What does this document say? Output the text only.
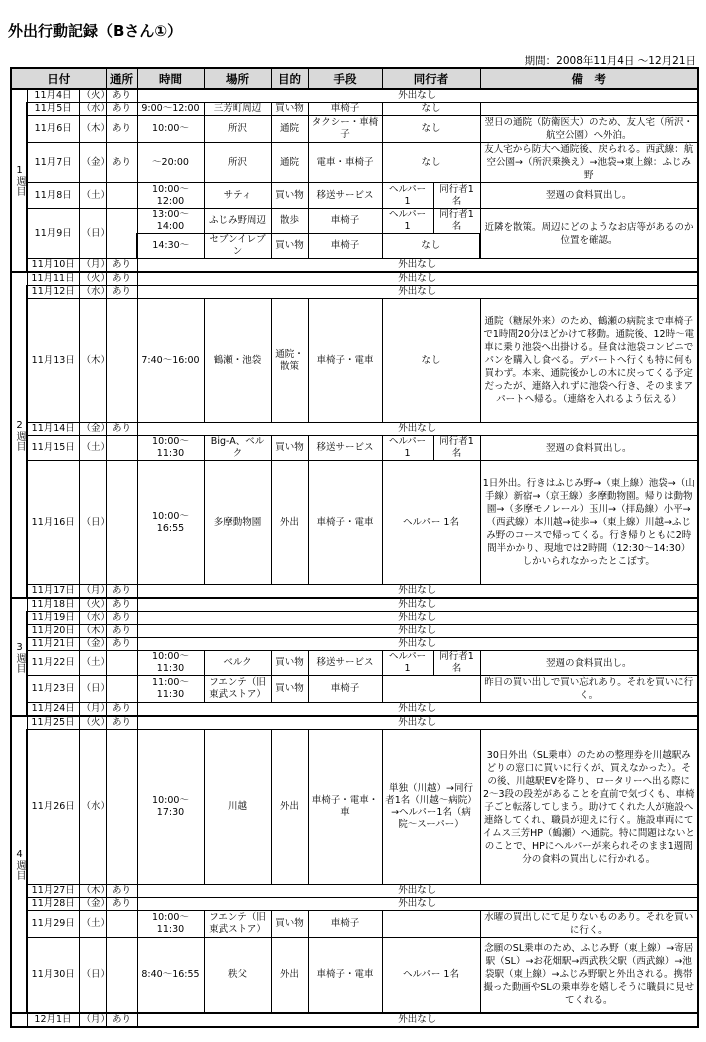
外出行動記録（Bさん①）
期間：2008年11月4日 〜12月21日
日付			通所	時間	場所	目的	手段	同行者		備　考
1週目	11月4日	（火）	あり	外出なし						
	11月5日	（水）	あり	9:00〜12:00	三芳町周辺	買い物	車椅子	なし		
	11月6日	（木）	あり	10:00〜	所沢	通院	タクシー・車椅子	なし		翌日の通院（防衛医大）のため、友人宅（所沢・航空公園）へ外泊。
	11月7日	（金）	あり	〜20:00	所沢	通院	電車・車椅子	なし		友人宅から防大へ通院後、戻られる。西武線：航空公園→（所沢乗換え）→池袋→東上線：ふじみ野
	11月8日	（土）		10:00〜12:00	サティ	買い物	移送サービス	ヘルパー 1	同行者1名	翌週の食料買出し。
	11月9日	（日）		13:00〜14:00	ふじみ野周辺	散歩	車椅子	ヘルパー 1	同行者1名	近隣を散策。周辺にどのようなお店等があるのか位置を確認。
				14:30〜	セブンイレブン	買い物	車椅子	なし		
	11月10日	（月）	あり	外出なし						
2週目	11月11日	（火）	あり	外出なし						
	11月12日	（水）	あり	外出なし						
	11月13日	（木）		7:40〜16:00	鶴瀬・池袋	通院・散策	車椅子・電車	なし		通院（糖尿外来）のため、鶴瀬の病院まで車椅子で1時間20分ほどかけて移動。通院後、12時〜電車に乗り池袋へ出掛ける。昼食は池袋コンビニでパンを購入し食べる。デパートへ行くも特に何も買わず。本来、通院後かしの木に戻ってくる予定だったが、連絡入れずに池袋へ行き、そのままアパートへ帰る。（連絡を入れるよう伝える）
	11月14日	（金）	あり	外出なし						
	11月15日	（土）		10:00〜11:30	Big-A、ベルク	買い物	移送サービス	ヘルパー 1	同行者1名	翌週の食料買出し。
	11月16日	（日）		10:00〜16:55	多摩動物園	外出	車椅子・電車	ヘルパー 1名		1日外出。行きはふじみ野→（東上線）池袋→（山手線）新宿→（京王線）多摩動物園。帰りは動物園→（多摩モノレール）玉川→（拝島線）小平→（西武線）本川越→徒歩→（東上線）川越→ふじみ野のコースで帰ってくる。行き帰りともに2時間半かかり、現地では2時間（12:30〜14:30）しかいられなかったとこぼす。
	11月17日	（月）	あり	外出なし						
3週目	11月18日	（火）	あり	外出なし						
	11月19日	（水）	あり	外出なし						
	11月20日	（木）	あり	外出なし						
	11月21日	（金）	あり	外出なし						
	11月22日	（土）		10:00〜11:30	ベルク	買い物	移送サービス	ヘルパー 1	同行者1名	翌週の食料買出し。
	11月23日	（日）		11:00〜11:30	フエンテ（旧東武ストア）	買い物	車椅子			昨日の買い出しで買い忘れあり。それを買いに行く。
	11月24日	（月）	あり	外出なし						
4週目	11月25日	（火）	あり	外出なし						
	11月26日	（水）		10:00〜17:30	川越	外出	車椅子・電車・車	単独（川越）→同行者1名（川越〜病院）→ヘルパー1名（病院〜スーパー）		30日外出（SL乗車）のための整理券を川越駅みどりの窓口に買いに行くが、買えなかった）。その後、川越駅EVを降り、ロータリーへ出る際に2〜3段の段差があることを直前で気づくも、車椅子ごと転落してしまう。助けてくれた人が施設へ連絡してくれ、職員が迎えに行く。施設車両にてイムス三芳HP（鶴瀬）へ通院。特に問題はないとのことで、HPにヘルパーが来られそのまま1週間分の食料の買出しに行かれる。
	11月27日	（木）	あり	外出なし						
	11月28日	（金）	あり	外出なし						
	11月29日	（土）		10:00〜11:30	フエンテ（旧東武ストア）	買い物	車椅子			水曜の買出しにて足りないものあり。それを買いに行く。
	11月30日	（日）		8:40〜16:55	秩父	外出	車椅子・電車	ヘルパー 1名		念願のSL乗車のため、ふじみ野（東上線）→寄居駅（SL）→お花畑駅→西武秩父駅（西武線）→池袋駅（東上線）→ふじみ野駅と外出される。携帯撮った動画やSLの乗車券を嬉しそうに職員に見せてくれる。
	12月1日	（月）	あり	外出なし						
